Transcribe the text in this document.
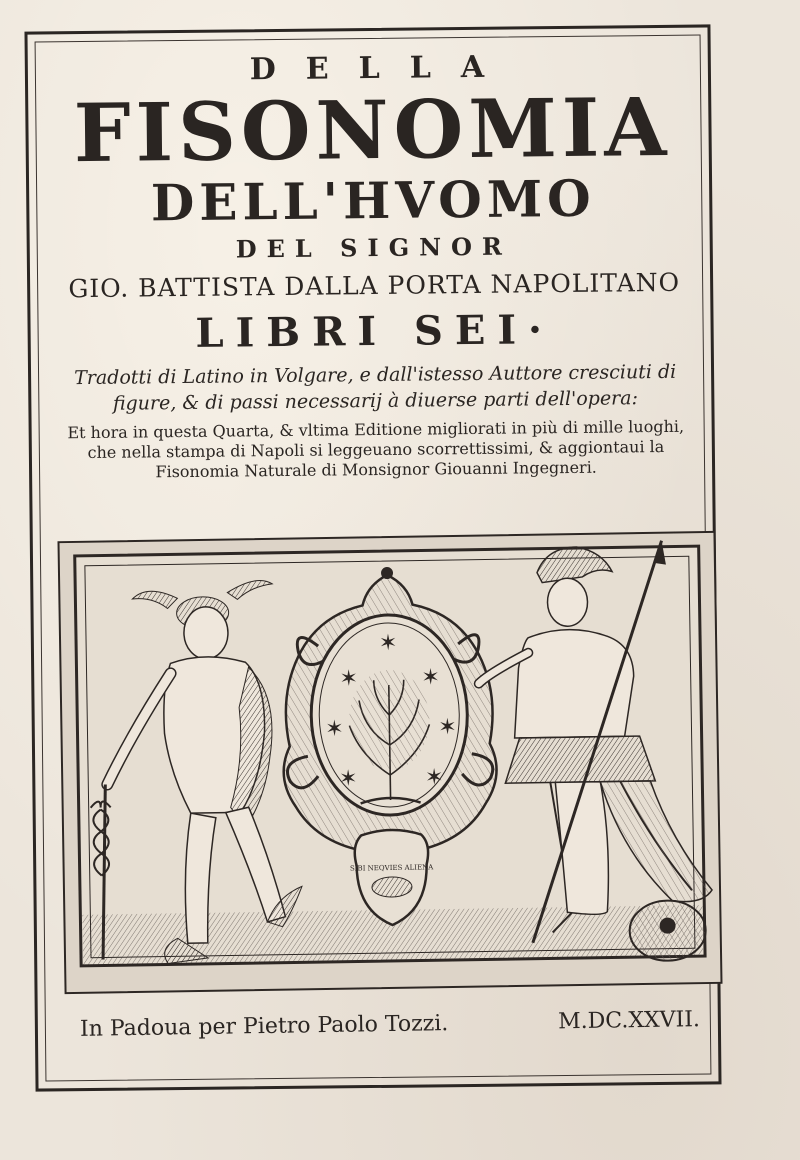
DELLA
FISONOMIA
DELL'HVOMO
DEL SIGNOR
GIO. BATTISTA DALLA PORTA NAPOLITANO
LIBRI SEI·
Tradotti di Latino in Volgare, e dall'istesso Auttore cresciuti di figure, & di passi necessarij à diuerse parti dell'opera:
Et hora in questa Quarta, & vltima Editione migliorati in più di mille luoghi, che nella stampa di Napoli si leggeuano scorrettissimi, & aggiontaui la Fisonomia Naturale di Monsignor Giouanni Ingegneri.
✶
✶	✶
✶	✶
✶	✶
SIBI NEQVIES ALIENA
In Padoua per Pietro Paolo Tozzi.	M.DC.XXVII.
